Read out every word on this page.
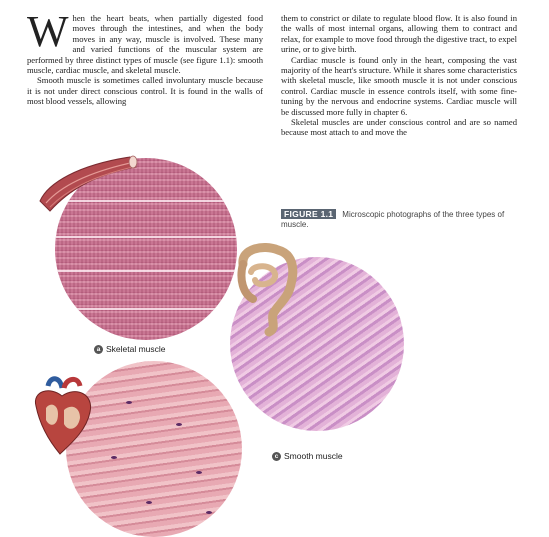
When the heart beats, when partially digested food moves through the intestines, and when the body moves in any way, muscle is involved. These many and varied functions of the muscular system are performed by three distinct types of muscle (see figure 1.1): smooth muscle, cardiac muscle, and skeletal muscle.

Smooth muscle is sometimes called involuntary muscle because it is not under direct conscious control. It is found in the walls of most blood vessels, allowing

them to constrict or dilate to regulate blood flow. It is also found in the walls of most internal organs, allowing them to contract and relax, for example to move food through the digestive tract, to expel urine, or to give birth.

Cardiac muscle is found only in the heart, composing the vast majority of the heart's structure. While it shares some characteristics with skeletal muscle, like smooth muscle it is not under conscious control. Cardiac muscle in essence controls itself, with some fine-tuning by the nervous and endocrine systems. Cardiac muscle will be discussed more fully in chapter 6.

Skeletal muscles are under conscious control and are so named because most attach to and move the

FIGURE 1.1 Microscopic photographs of the three types of muscle.
a Skeletal muscle
c Smooth muscle
